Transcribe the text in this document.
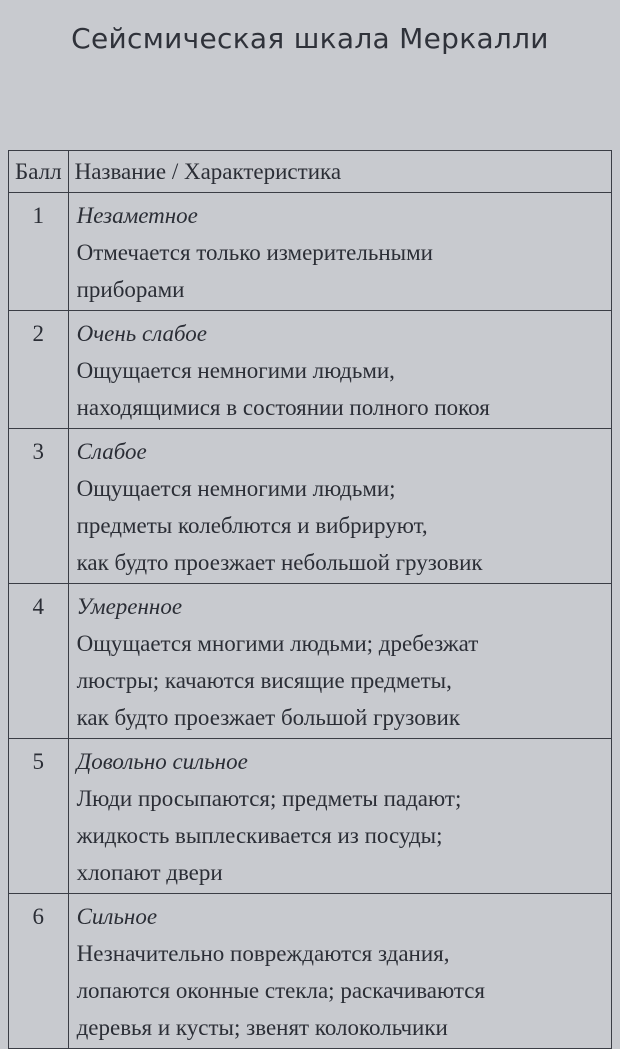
Сейсмическая шкала Меркалли
Балл	Название / Характеристика
1	Незаметное
Отмечается только измерительными
приборами

2	Очень слабое
Ощущается немногими людьми,
находящимися в состоянии полного покоя

3	Слабое
Ощущается немногими людьми;
предметы колеблются и вибрируют,
как будто проезжает небольшой грузовик

4	Умеренное
Ощущается многими людьми; дребезжат
люстры; качаются висящие предметы,
как будто проезжает большой грузовик

5	Довольно сильное
Люди просыпаются; предметы падают;
жидкость выплескивается из посуды;
хлопают двери

6	Сильное
Незначительно повреждаются здания,
лопаются оконные стекла; раскачиваются
деревья и кусты; звенят колокольчики
